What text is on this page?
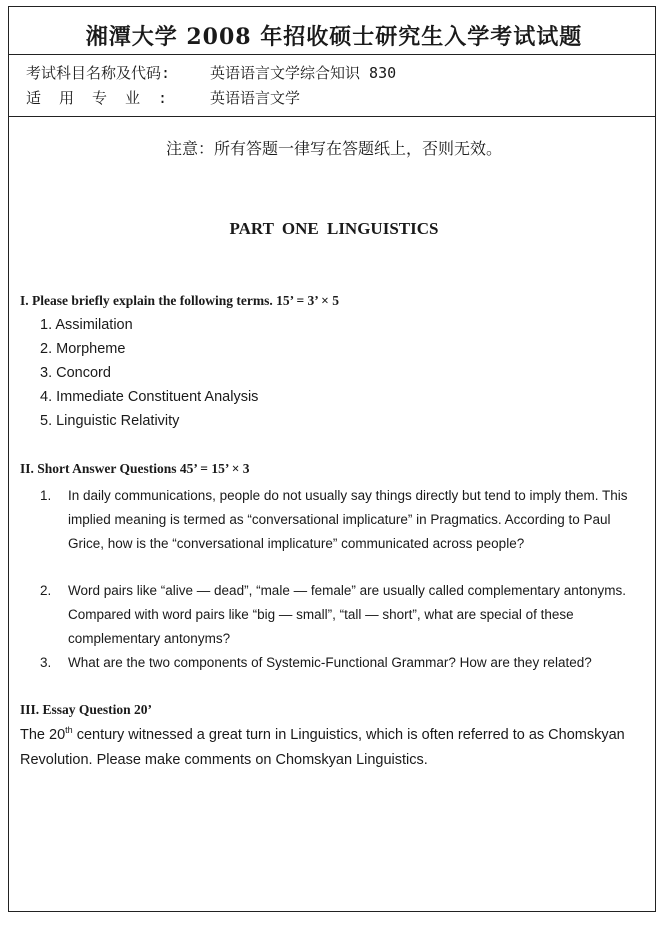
湘潭大学 2008 年招收硕士研究生入学考试试题
考试科目名称及代码:	英语语言文学综合知识 830
适用专业: 英语语言文学
注意：所有答题一律写在答题纸上，否则无效。
PART ONE LINGUISTICS
I. Please briefly explain the following terms. 15’ = 3’ × 5
1. Assimilation
2. Morpheme
3. Concord
4. Immediate Constituent Analysis
5. Linguistic Relativity
II. Short Answer Questions 45’ = 15’ × 3
1. In daily communications, people do not usually say things directly but tend to imply them. This implied meaning is termed as “conversational implicature” in Pragmatics. According to Paul Grice, how is the “conversational implicature” communicated across people?
2. Word pairs like “alive — dead”, “male — female” are usually called complementary antonyms. Compared with word pairs like “big — small”, “tall — short”, what are special of these complementary antonyms?
3. What are the two components of Systemic-Functional Grammar? How are they related?
III. Essay Question 20’
The 20th century witnessed a great turn in Linguistics, which is often referred to as Chomskyan Revolution. Please make comments on Chomskyan Linguistics.
